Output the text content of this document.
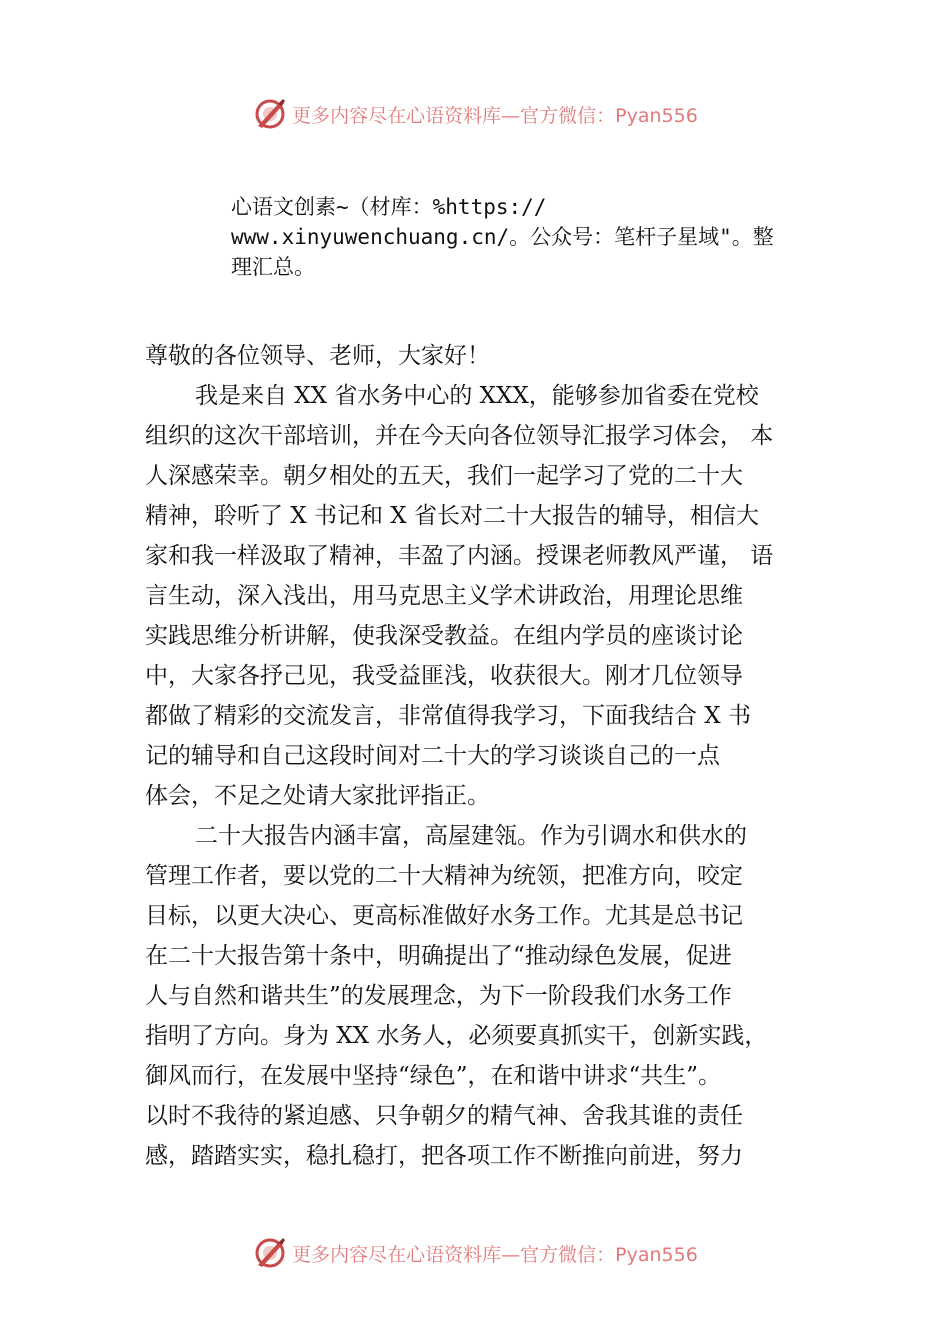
更多内容尽在心语资料库—官方微信：Pyan556

心语文创素~（材库：%https://

www.xinyuwenchuang.cn/。公众号：笔杆子星域"。整

理汇总。

尊敬的各位领导、老师，大家好！

我是来自 XX 省水务中心的 XXX，能够参加省委在党校

组织的这次干部培训，并在今天向各位领导汇报学习体会， 本

人深感荣幸。朝夕相处的五天，我们一起学习了党的二十大

精神，聆听了 X 书记和 X 省长对二十大报告的辅导，相信大

家和我一样汲取了精神，丰盈了内涵。授课老师教风严谨， 语

言生动，深入浅出，用马克思主义学术讲政治，用理论思维

实践思维分析讲解，使我深受教益。在组内学员的座谈讨论

中，大家各抒己见，我受益匪浅，收获很大。刚才几位领导

都做了精彩的交流发言，非常值得我学习，下面我结合 X 书

记的辅导和自己这段时间对二十大的学习谈谈自己的一点

体会，不足之处请大家批评指正。

二十大报告内涵丰富，高屋建瓴。作为引调水和供水的

管理工作者，要以党的二十大精神为统领，把准方向，咬定

目标，以更大决心、更高标准做好水务工作。尤其是总书记

在二十大报告第十条中，明确提出了“推动绿色发展，促进

人与自然和谐共生”的发展理念，为下一阶段我们水务工作

指明了方向。身为 XX 水务人，必须要真抓实干，创新实践，

御风而行，在发展中坚持“绿色”，在和谐中讲求“共生”。

以时不我待的紧迫感、只争朝夕的精气神、舍我其谁的责任

感，踏踏实实，稳扎稳打，把各项工作不断推向前进，努力

更多内容尽在心语资料库—官方微信：Pyan556
